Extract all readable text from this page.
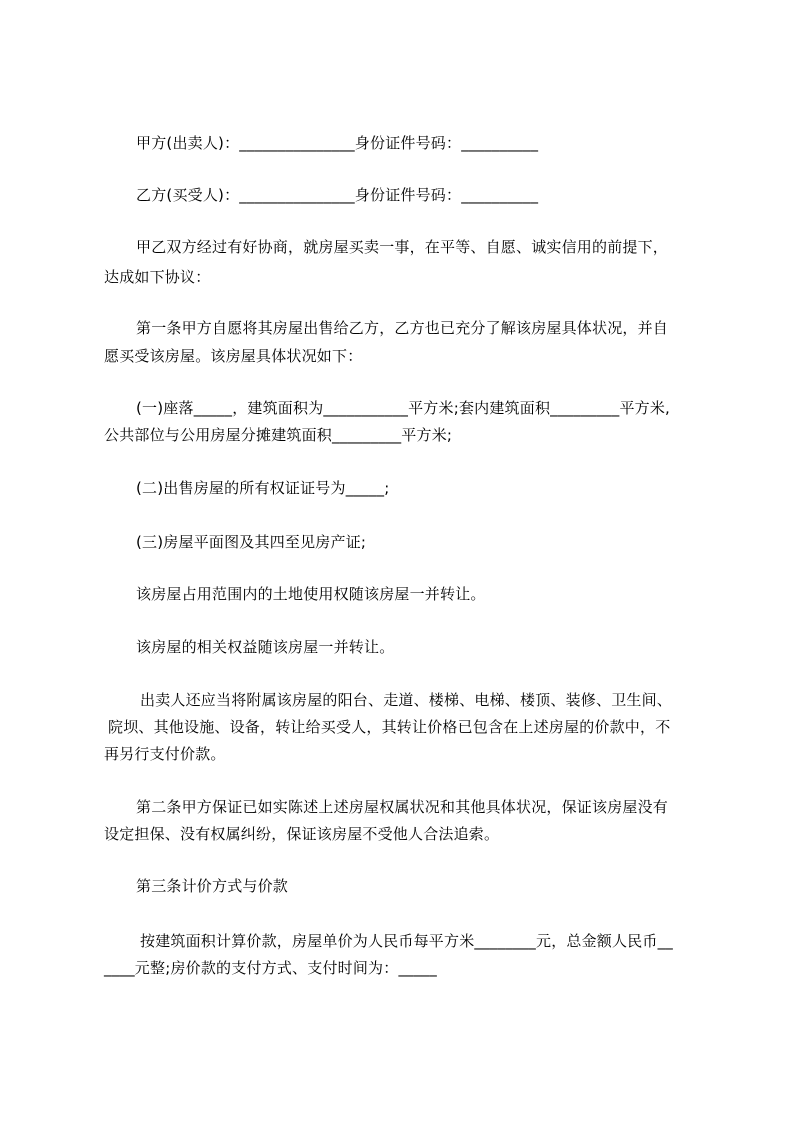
甲方(出卖人)：_______________身份证件号码：__________
乙方(买受人)：_______________身份证件号码：__________
甲乙双方经过有好协商，就房屋买卖一事，在平等、自愿、诚实信用的前提下，
达成如下协议：
第一条甲方自愿将其房屋出售给乙方，乙方也已充分了解该房屋具体状况，并自
愿买受该房屋。该房屋具体状况如下：
(一)座落_____，建筑面积为___________平方米;套内建筑面积_________平方米,
公共部位与公用房屋分摊建筑面积_________平方米;
(二)出售房屋的所有权证证号为_____;
(三)房屋平面图及其四至见房产证;
该房屋占用范围内的土地使用权随该房屋一并转让。
该房屋的相关权益随该房屋一并转让。
出卖人还应当将附属该房屋的阳台、走道、楼梯、电梯、楼顶、装修、卫生间、
院坝、其他设施、设备，转让给买受人，其转让价格已包含在上述房屋的价款中，不
再另行支付价款。
第二条甲方保证已如实陈述上述房屋权属状况和其他具体状况，保证该房屋没有
设定担保、没有权属纠纷，保证该房屋不受他人合法追索。
第三条计价方式与价款
按建筑面积计算价款，房屋单价为人民币每平方米________元，总金额人民币__
____元整;房价款的支付方式、支付时间为：_____
